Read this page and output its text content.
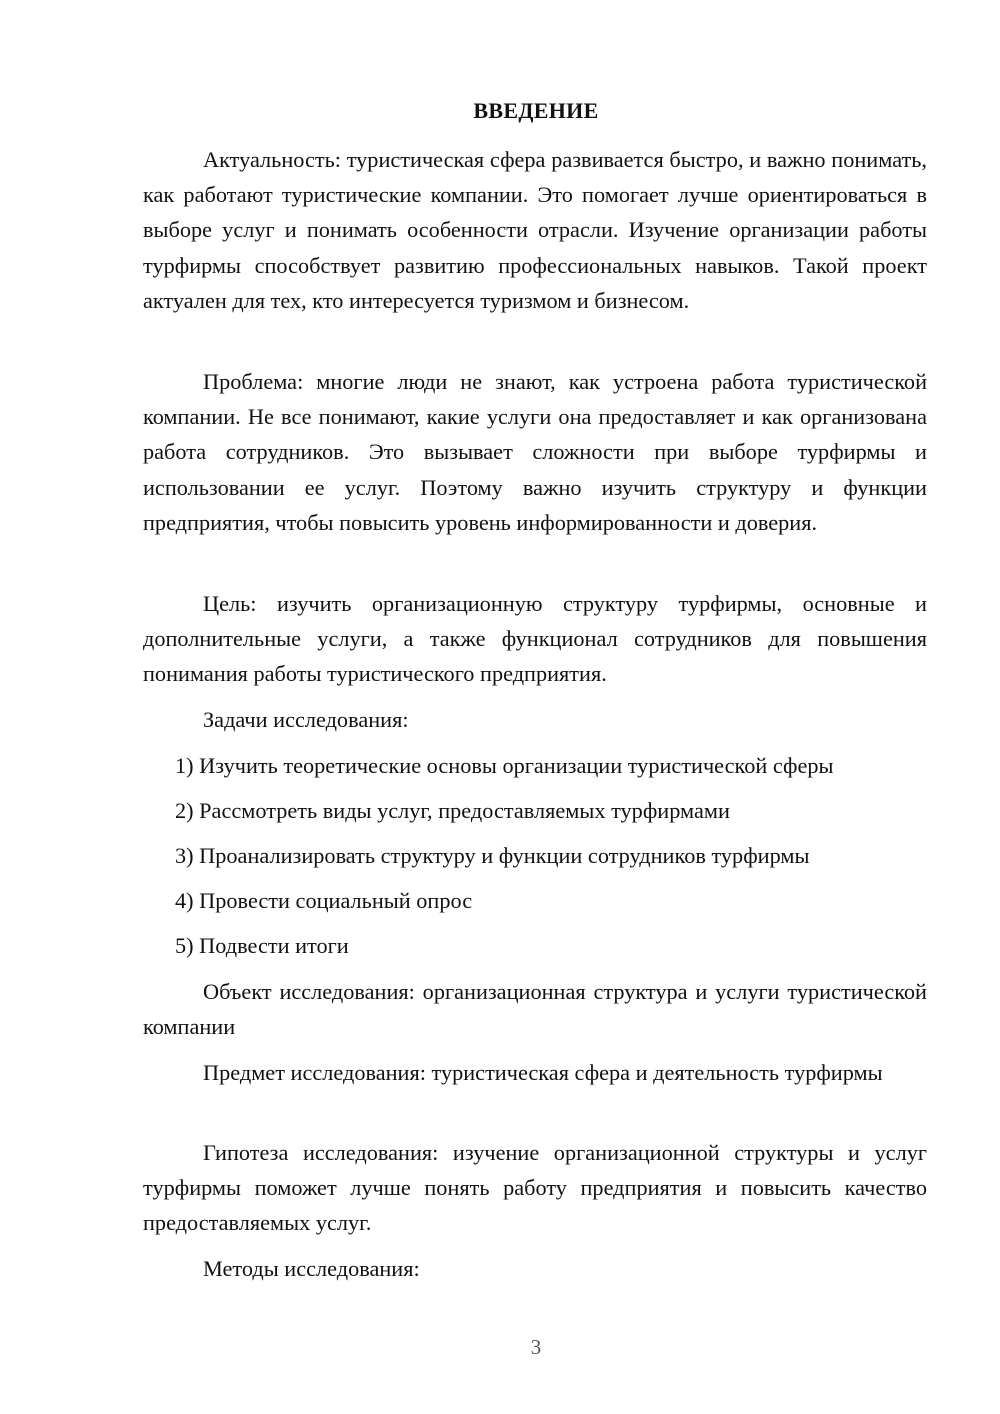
ВВЕДЕНИЕ

Актуальность: туристическая сфера развивается быстро, и важно понимать, как работают туристические компании. Это помогает лучше ориентироваться в выборе услуг и понимать особенности отрасли. Изучение организации работы турфирмы способствует развитию профессиональных навыков. Такой проект актуален для тех, кто интересуется туризмом и бизнесом.

Проблема: многие люди не знают, как устроена работа туристической компании. Не все понимают, какие услуги она предоставляет и как организована работа сотрудников. Это вызывает сложности при выборе турфирмы и использовании ее услуг. Поэтому важно изучить структуру и функции предприятия, чтобы повысить уровень информированности и доверия.

Цель: изучить организационную структуру турфирмы, основные и дополнительные услуги, а также функционал сотрудников для повышения понимания работы туристического предприятия.

Задачи исследования:

1) Изучить теоретические основы организации туристической сферы

2) Рассмотреть виды услуг, предоставляемых турфирмами

3) Проанализировать структуру и функции сотрудников турфирмы

4) Провести социальный опрос

5) Подвести итоги

Объект исследования: организационная структура и услуги туристической компании

Предмет исследования: туристическая сфера и деятельность турфирмы

Гипотеза исследования: изучение организационной структуры и услуг турфирмы поможет лучше понять работу предприятия и повысить качество предоставляемых услуг.

Методы исследования:

3
